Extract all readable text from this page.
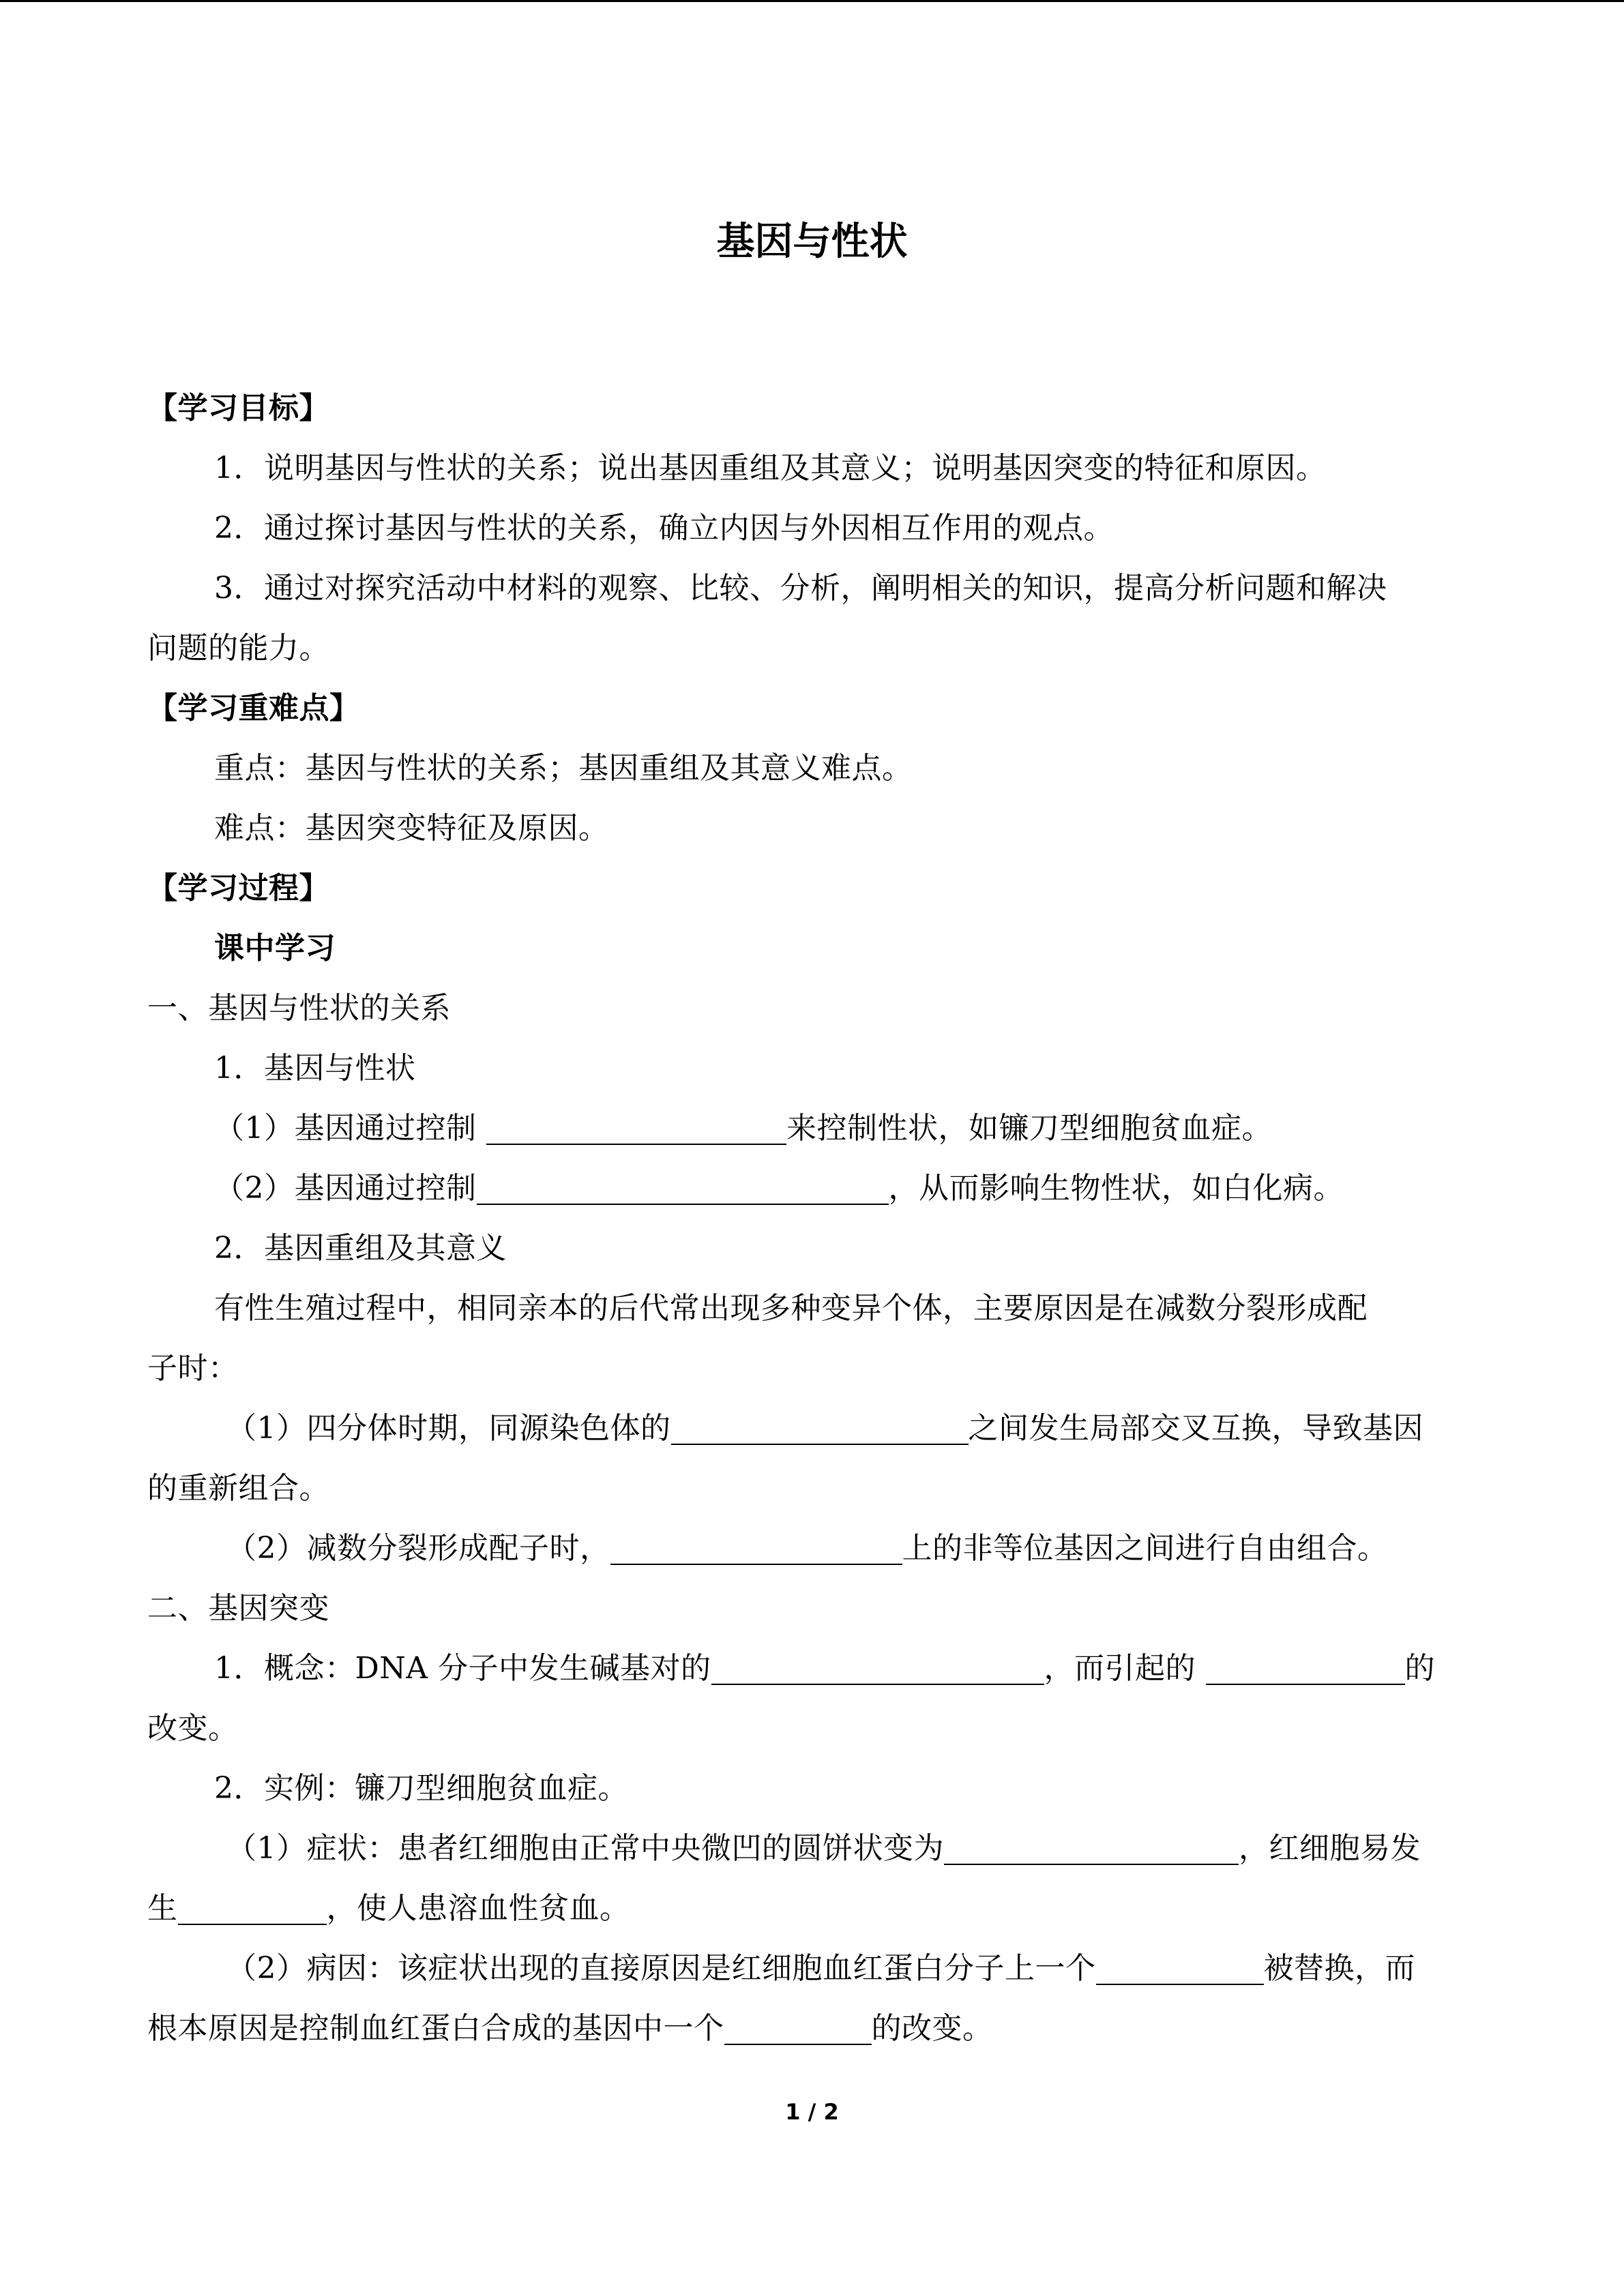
基因与性状
【学习目标】
1．说明基因与性状的关系；说出基因重组及其意义；说明基因突变的特征和原因。
2．通过探讨基因与性状的关系，确立内因与外因相互作用的观点。
3．通过对探究活动中材料的观察、比较、分析，阐明相关的知识，提高分析问题和解决
问题的能力。
【学习重难点】
重点：基因与性状的关系；基因重组及其意义难点。
难点：基因突变特征及原因。
【学习过程】
课中学习
一、基因与性状的关系
1．基因与性状
（1）基因通过控制	来控制性状，如镰刀型细胞贫血症。
（2）基因通过控制	，从而影响生物性状，如白化病。
2．基因重组及其意义
有性生殖过程中，相同亲本的后代常出现多种变异个体，主要原因是在减数分裂形成配
子时：
（1）四分体时期，同源染色体的	之间发生局部交叉互换，导致基因
的重新组合。
（2）减数分裂形成配子时，	上的非等位基因之间进行自由组合。
二、基因突变
1．概念：DNA 分子中发生碱基对的	，而引起的	的
改变。
2．实例：镰刀型细胞贫血症。
（1）症状：患者红细胞由正常中央微凹的圆饼状变为	，红细胞易发
生	，使人患溶血性贫血。
（2）病因：该症状出现的直接原因是红细胞血红蛋白分子上一个	被替换，而
根本原因是控制血红蛋白合成的基因中一个	的改变。
1 / 2
